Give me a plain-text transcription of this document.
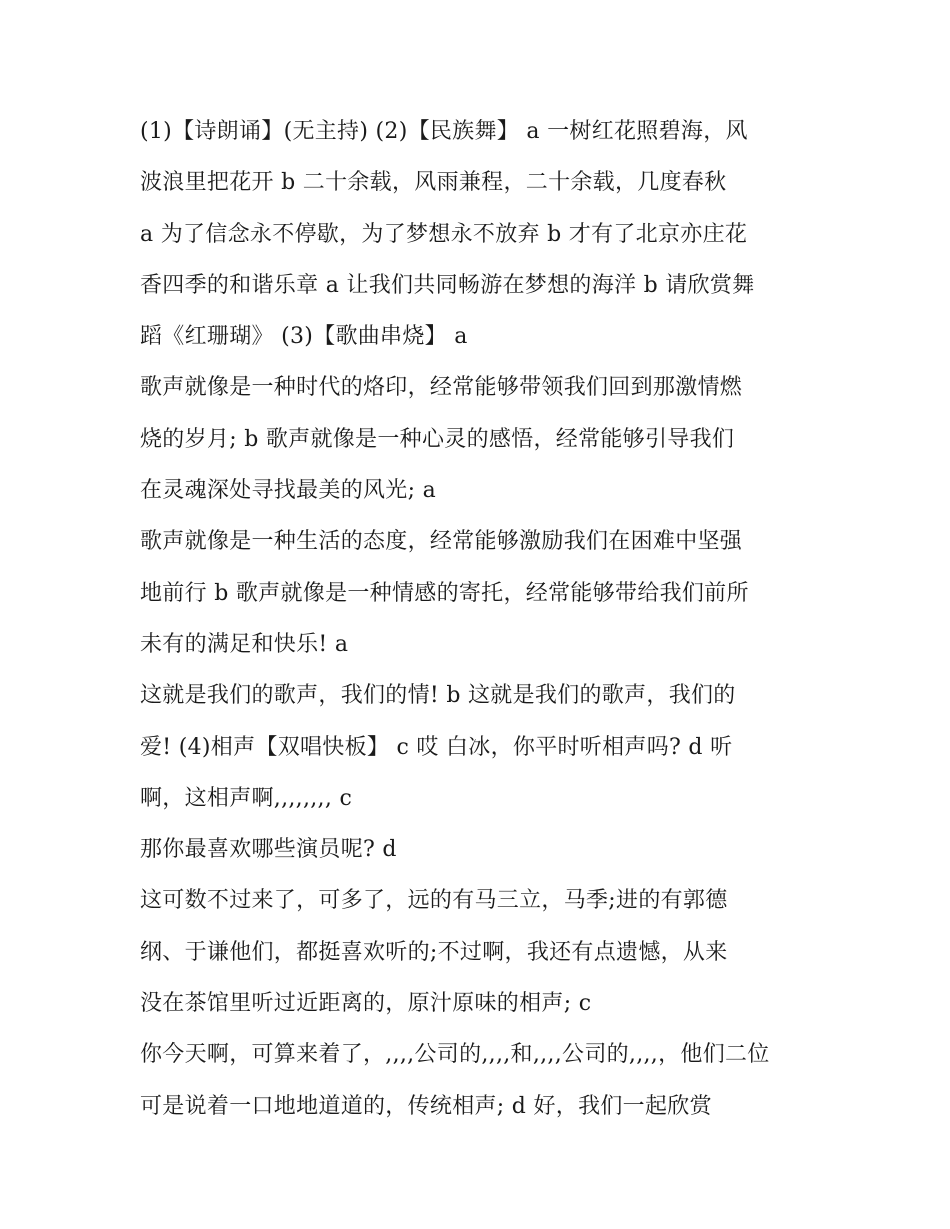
(1)【诗朗诵】(无主持) (2)【民族舞】 a 一树红花照碧海，风
波浪里把花开 b 二十余载，风雨兼程，二十余载，几度春秋
a 为了信念永不停歇，为了梦想永不放弃 b 才有了北京亦庄花
香四季的和谐乐章 a 让我们共同畅游在梦想的海洋 b 请欣赏舞
蹈《红珊瑚》 (3)【歌曲串烧】 a
歌声就像是一种时代的烙印，经常能够带领我们回到那激情燃
烧的岁月; b 歌声就像是一种心灵的感悟，经常能够引导我们
在灵魂深处寻找最美的风光; a
歌声就像是一种生活的态度，经常能够激励我们在困难中坚强
地前行 b 歌声就像是一种情感的寄托，经常能够带给我们前所
未有的满足和快乐! a
这就是我们的歌声，我们的情! b 这就是我们的歌声，我们的
爱! (4)相声【双唱快板】 c 哎 白冰，你平时听相声吗? d 听
啊，这相声啊,,,,,,,, c
那你最喜欢哪些演员呢? d
这可数不过来了，可多了，远的有马三立，马季;进的有郭德
纲、于谦他们，都挺喜欢听的;不过啊，我还有点遗憾，从来
没在茶馆里听过近距离的，原汁原味的相声; c
你今天啊，可算来着了，,,,,公司的,,,,和,,,,公司的,,,,，他们二位
可是说着一口地地道道的，传统相声; d 好，我们一起欣赏
